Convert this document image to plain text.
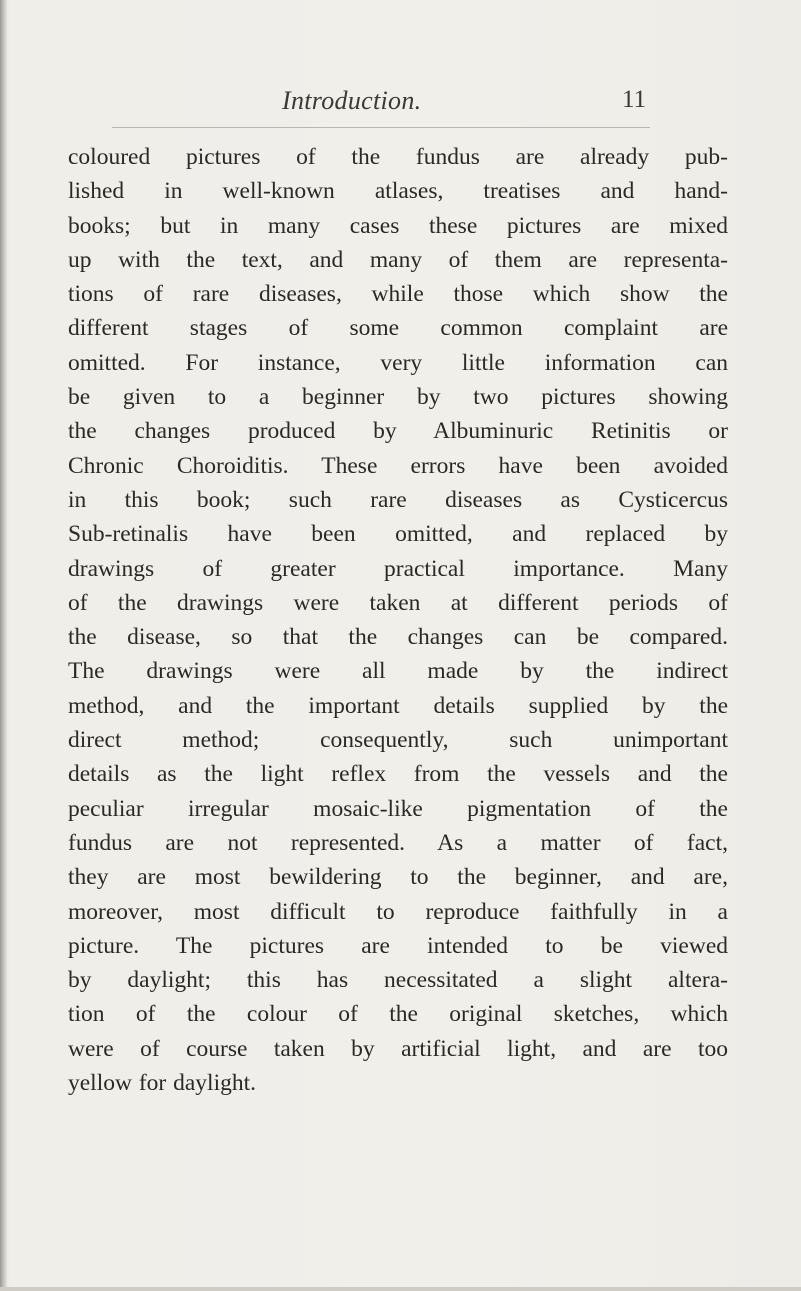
Introduction.	11
coloured pictures of the fundus are already pub-
lished in well-known atlases, treatises and hand-
books; but in many cases these pictures are mixed
up with the text, and many of them are representa-
tions of rare diseases, while those which show the
different stages of some common complaint are
omitted. For instance, very little information can
be given to a beginner by two pictures showing
the changes produced by Albuminuric Retinitis or
Chronic Choroiditis. These errors have been avoided
in this book; such rare diseases as Cysticercus
Sub-retinalis have been omitted, and replaced by
drawings of greater practical importance. Many
of the drawings were taken at different periods of
the disease, so that the changes can be compared.
The drawings were all made by the indirect
method, and the important details supplied by the
direct method; consequently, such unimportant
details as the light reflex from the vessels and the
peculiar irregular mosaic-like pigmentation of the
fundus are not represented. As a matter of fact,
they are most bewildering to the beginner, and are,
moreover, most difficult to reproduce faithfully in a
picture. The pictures are intended to be viewed
by daylight; this has necessitated a slight altera-
tion of the colour of the original sketches, which
were of course taken by artificial light, and are too
yellow for daylight.
